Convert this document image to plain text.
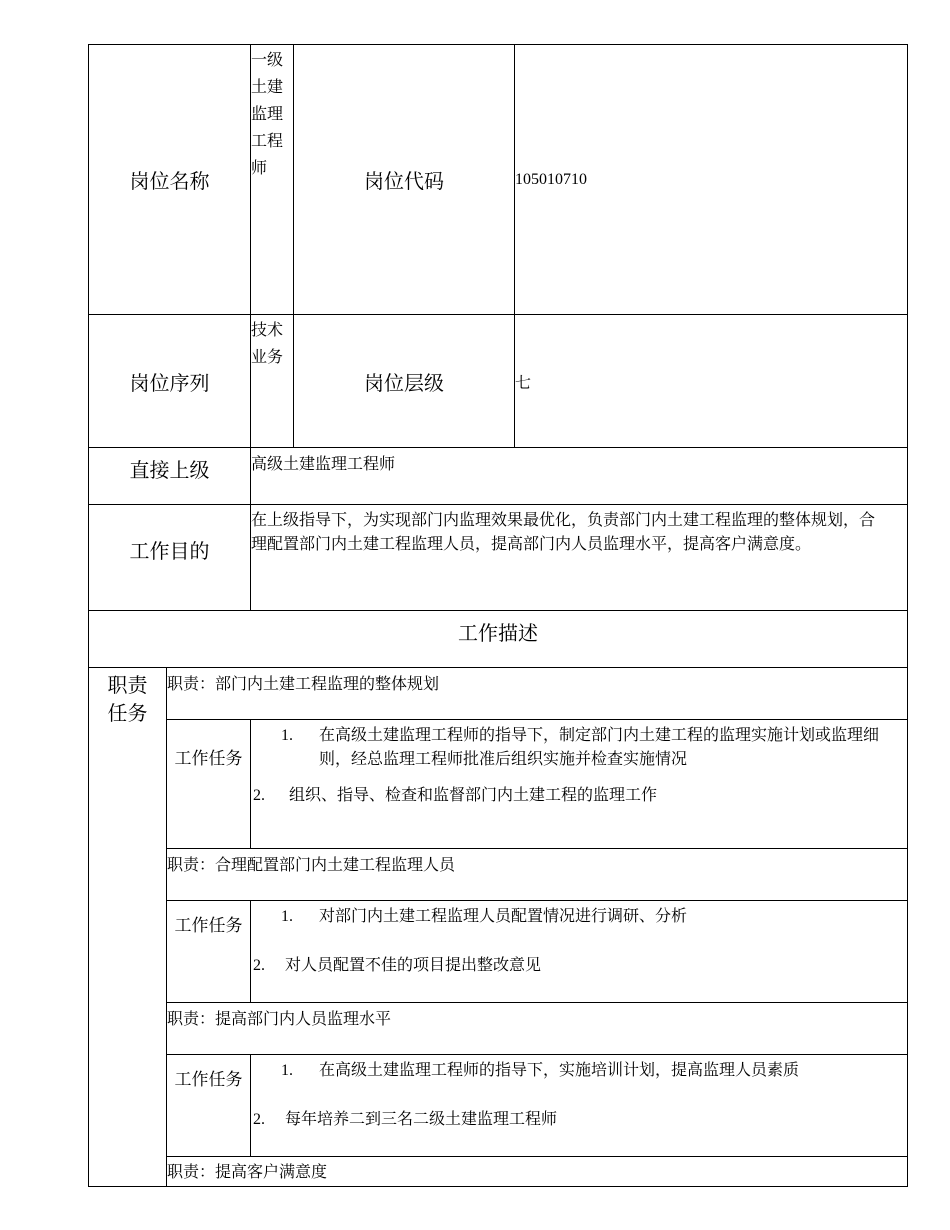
岗位名称		一级土建监理工程师	岗位代码	105010710
岗位序列		技术业务	岗位层级	七
直接上级		高级土建监理工程师		
工作目的		在上级指导下，为实现部门内监理效果最优化，负责部门内土建工程监理的整体规划，合理配置部门内土建工程监理人员，提高部门内人员监理水平，提高客户满意度。		
工作描述				
职责任务	职责：部门内土建工程监理的整体规划			
	工作任务	1. 在高级土建监理工程师的指导下，制定部门内土建工程的监理实施计划或监理细则，经总监理工程师批准后组织实施并检查实施情况
2. 组织、指导、检查和监督部门内土建工程的监理工作		

	职责：合理配置部门内土建工程监理人员			
	工作任务	1. 对部门内土建工程监理人员配置情况进行调研、分析
2. 对人员配置不佳的项目提出整改意见		

	职责：提高部门内人员监理水平			
	工作任务	1. 在高级土建监理工程师的指导下，实施培训计划，提高监理人员素质
2. 每年培养二到三名二级土建监理工程师		

	职责：提高客户满意度			
